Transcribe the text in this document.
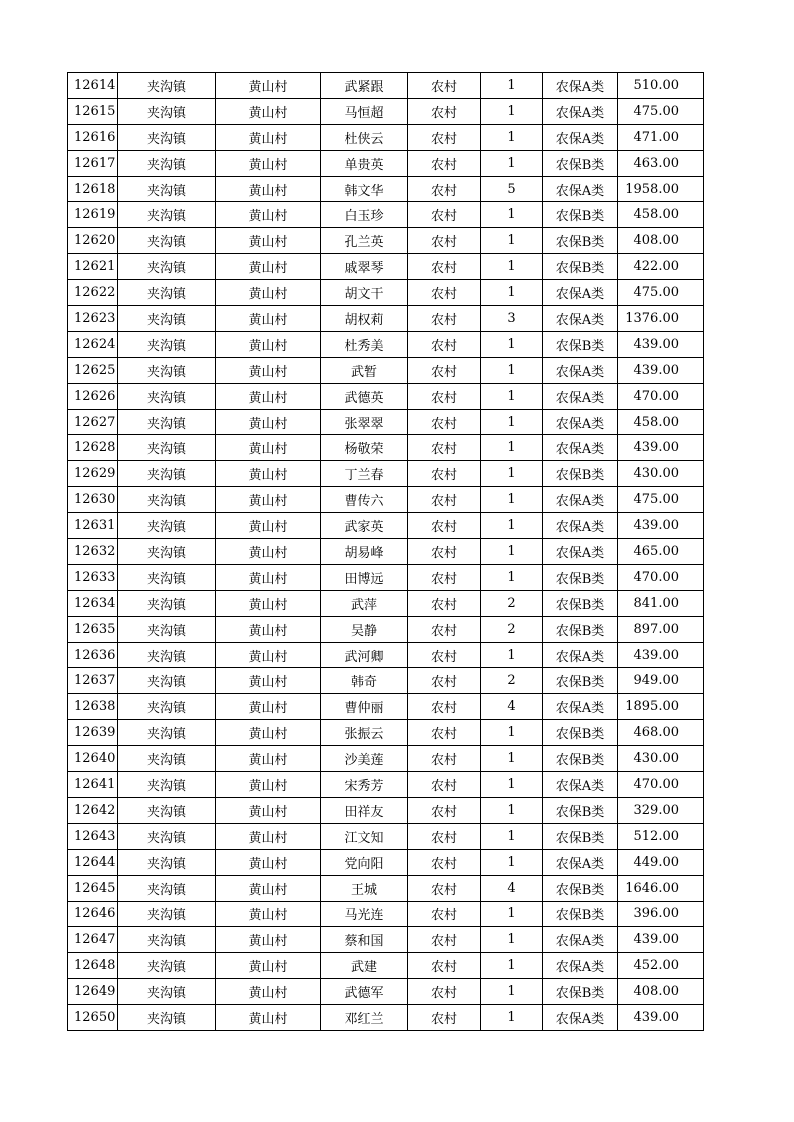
12614	夹沟镇	黄山村	武紧跟	农村	1	农保A类	510.00
12615	夹沟镇	黄山村	马恒超	农村	1	农保A类	475.00
12616	夹沟镇	黄山村	杜侠云	农村	1	农保A类	471.00
12617	夹沟镇	黄山村	单贵英	农村	1	农保B类	463.00
12618	夹沟镇	黄山村	韩文华	农村	5	农保A类	1958.00
12619	夹沟镇	黄山村	白玉珍	农村	1	农保B类	458.00
12620	夹沟镇	黄山村	孔兰英	农村	1	农保B类	408.00
12621	夹沟镇	黄山村	戚翠琴	农村	1	农保B类	422.00
12622	夹沟镇	黄山村	胡文干	农村	1	农保A类	475.00
12623	夹沟镇	黄山村	胡权莉	农村	3	农保A类	1376.00
12624	夹沟镇	黄山村	杜秀美	农村	1	农保B类	439.00
12625	夹沟镇	黄山村	武暂	农村	1	农保A类	439.00
12626	夹沟镇	黄山村	武德英	农村	1	农保A类	470.00
12627	夹沟镇	黄山村	张翠翠	农村	1	农保A类	458.00
12628	夹沟镇	黄山村	杨敬荣	农村	1	农保A类	439.00
12629	夹沟镇	黄山村	丁兰春	农村	1	农保B类	430.00
12630	夹沟镇	黄山村	曹传六	农村	1	农保A类	475.00
12631	夹沟镇	黄山村	武家英	农村	1	农保A类	439.00
12632	夹沟镇	黄山村	胡易峰	农村	1	农保A类	465.00
12633	夹沟镇	黄山村	田博远	农村	1	农保B类	470.00
12634	夹沟镇	黄山村	武萍	农村	2	农保B类	841.00
12635	夹沟镇	黄山村	吴静	农村	2	农保B类	897.00
12636	夹沟镇	黄山村	武河卿	农村	1	农保A类	439.00
12637	夹沟镇	黄山村	韩奇	农村	2	农保B类	949.00
12638	夹沟镇	黄山村	曹仲丽	农村	4	农保A类	1895.00
12639	夹沟镇	黄山村	张振云	农村	1	农保B类	468.00
12640	夹沟镇	黄山村	沙美莲	农村	1	农保B类	430.00
12641	夹沟镇	黄山村	宋秀芳	农村	1	农保A类	470.00
12642	夹沟镇	黄山村	田祥友	农村	1	农保B类	329.00
12643	夹沟镇	黄山村	江文知	农村	1	农保B类	512.00
12644	夹沟镇	黄山村	党向阳	农村	1	农保A类	449.00
12645	夹沟镇	黄山村	王城	农村	4	农保B类	1646.00
12646	夹沟镇	黄山村	马光连	农村	1	农保B类	396.00
12647	夹沟镇	黄山村	蔡和国	农村	1	农保A类	439.00
12648	夹沟镇	黄山村	武建	农村	1	农保A类	452.00
12649	夹沟镇	黄山村	武德军	农村	1	农保B类	408.00
12650	夹沟镇	黄山村	邓红兰	农村	1	农保A类	439.00
